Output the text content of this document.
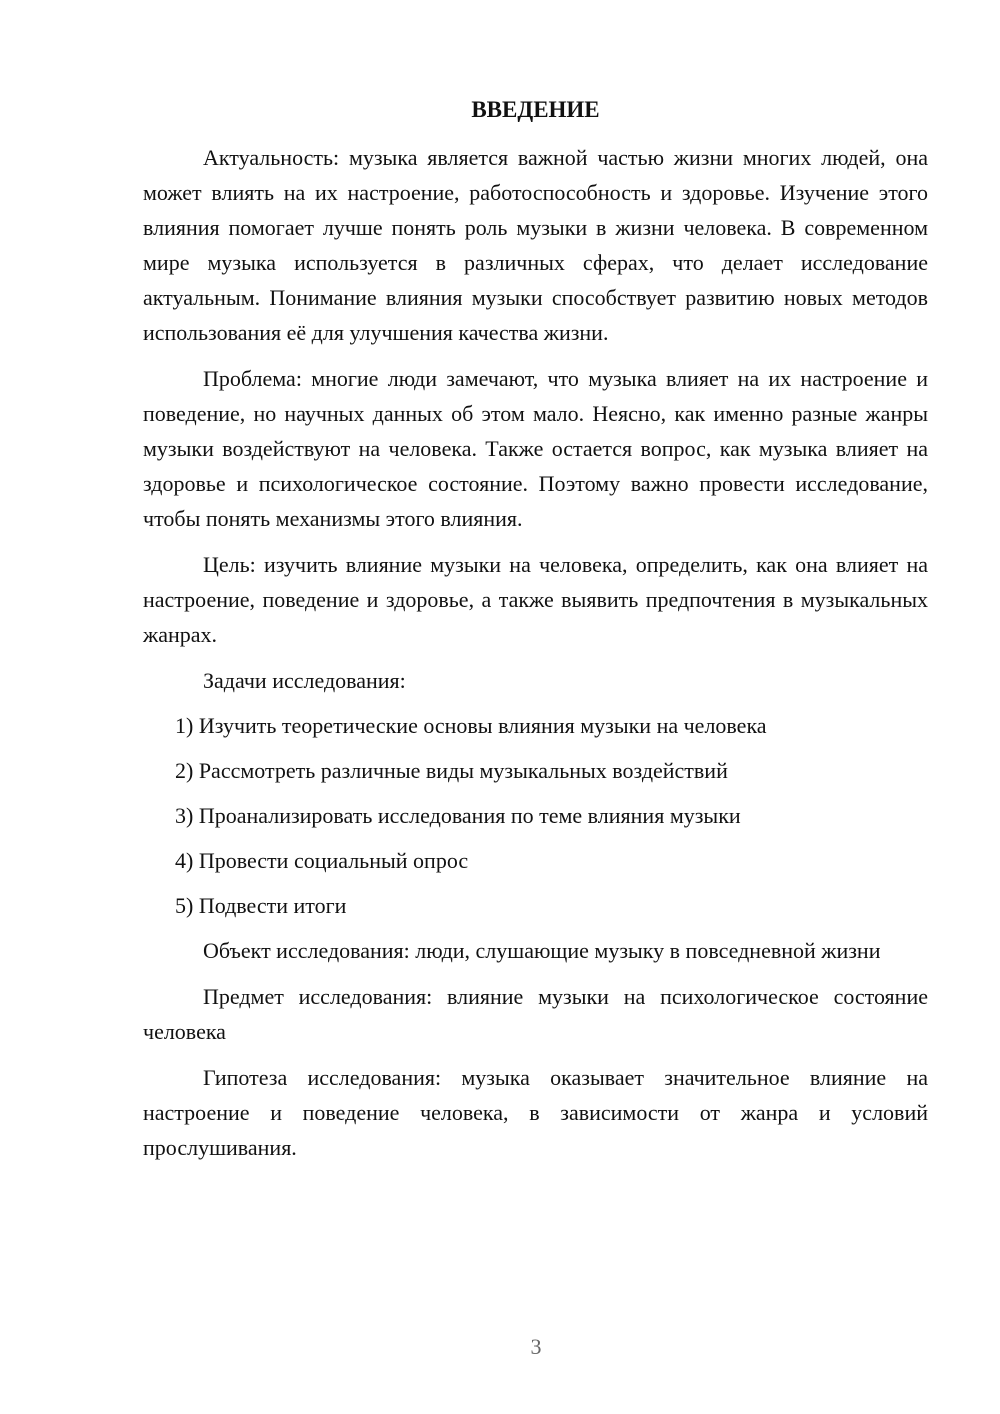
ВВЕДЕНИЕ

Актуальность: музыка является важной частью жизни многих людей, она может влиять на их настроение, работоспособность и здоровье. Изучение этого влияния помогает лучше понять роль музыки в жизни человека. В современном мире музыка используется в различных сферах, что делает исследование актуальным. Понимание влияния музыки способствует развитию новых методов использования её для улучшения качества жизни.

Проблема: многие люди замечают, что музыка влияет на их настроение и поведение, но научных данных об этом мало. Неясно, как именно разные жанры музыки воздействуют на человека. Также остается вопрос, как музыка влияет на здоровье и психологическое состояние. Поэтому важно провести исследование, чтобы понять механизмы этого влияния.

Цель: изучить влияние музыки на человека, определить, как она влияет на настроение, поведение и здоровье, а также выявить предпочтения в музыкальных жанрах.

Задачи исследования:

1) Изучить теоретические основы влияния музыки на человека

2) Рассмотреть различные виды музыкальных воздействий

3) Проанализировать исследования по теме влияния музыки

4) Провести социальный опрос

5) Подвести итоги

Объект исследования: люди, слушающие музыку в повседневной жизни

Предмет исследования: влияние музыки на психологическое состояние человека

Гипотеза исследования: музыка оказывает значительное влияние на настроение и поведение человека, в зависимости от жанра и условий прослушивания.

3
